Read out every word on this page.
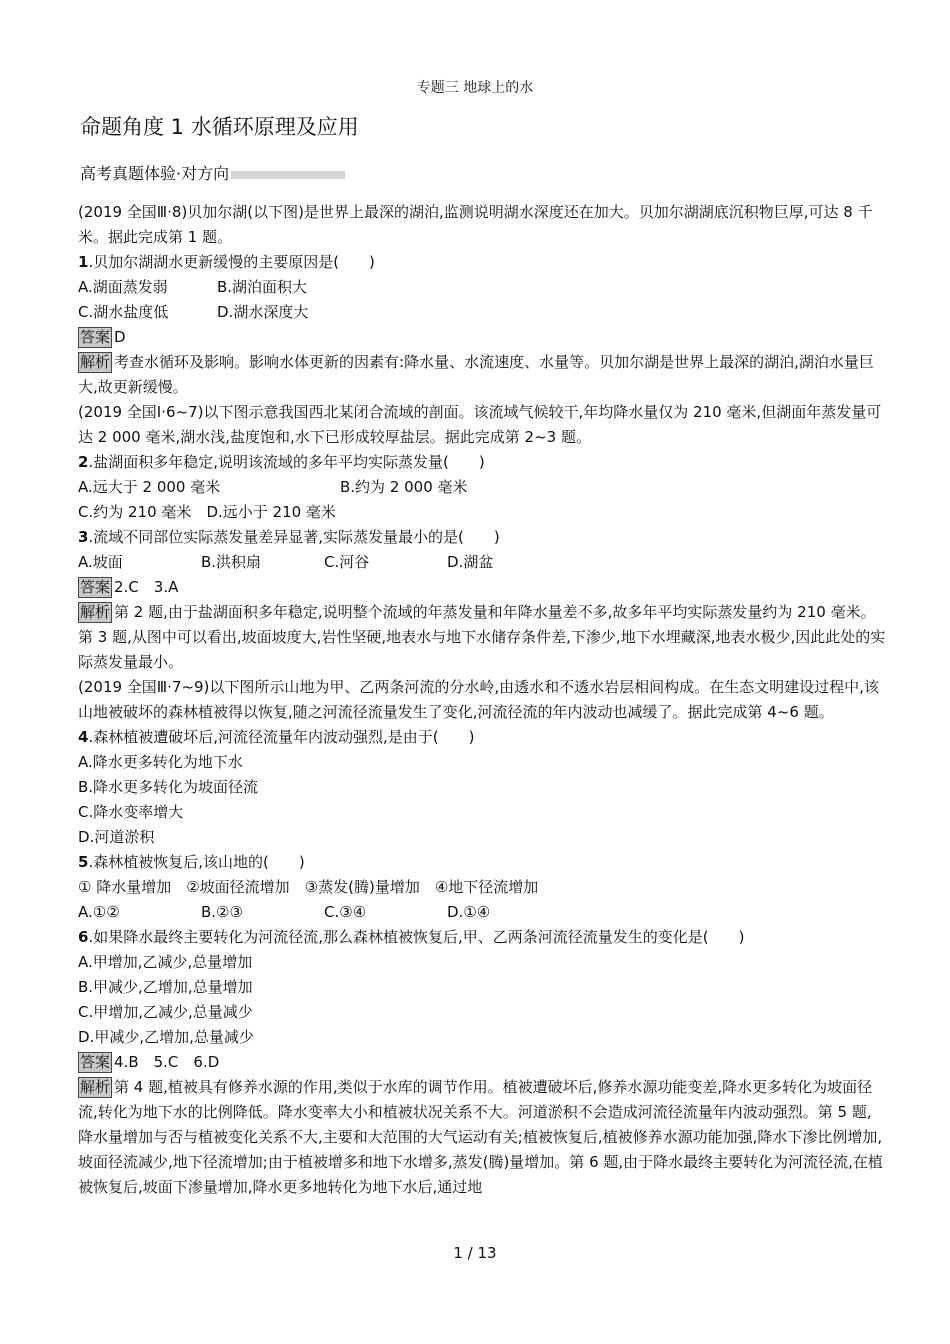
专题三 地球上的水
命题角度 1 水循环原理及应用
高考真题体验·对方向

(2019 全国Ⅲ·8)贝加尔湖(以下图)是世界上最深的湖泊,监测说明湖水深度还在加大。贝加尔湖湖底沉积物巨厚,可达 8 千米。据此完成第 1 题。

1.贝加尔湖湖水更新缓慢的主要原因是(　　)

A.湖面蒸发弱	B.湖泊面积大
C.湖水盐度低	D.湖水深度大

答案 D

解析 考查水循环及影响。影响水体更新的因素有:降水量、水流速度、水量等。贝加尔湖是世界上最深的湖泊,湖泊水量巨大,故更新缓慢。

(2019 全国Ⅰ·6~7)以下图示意我国西北某闭合流域的剖面。该流域气候较干,年均降水量仅为 210 毫米,但湖面年蒸发量可达 2 000 毫米,湖水浅,盐度饱和,水下已形成较厚盐层。据此完成第 2~3 题。

2.盐湖面积多年稳定,说明该流域的多年平均实际蒸发量(　　)

A.远大于 2 000 毫米	B.约为 2 000 毫米

C.约为 210 毫米　 D.远小于 210 毫米

3.流域不同部位实际蒸发量差异显著,实际蒸发量最小的是(　　)

A.坡面	B.洪积扇	C.河谷	D.湖盆

答案 2.C　3.A

解析 第 2 题,由于盐湖面积多年稳定,说明整个流域的年蒸发量和年降水量差不多,故多年平均实际蒸发量约为 210 毫米。第 3 题,从图中可以看出,坡面坡度大,岩性坚硬,地表水与地下水储存条件差,下渗少,地下水埋藏深,地表水极少,因此此处的实际蒸发量最小。

(2019 全国Ⅲ·7~9)以下图所示山地为甲、乙两条河流的分水岭,由透水和不透水岩层相间构成。在生态文明建设过程中,该山地被破坏的森林植被得以恢复,随之河流径流量发生了变化,河流径流的年内波动也减缓了。据此完成第 4~6 题。

4.森林植被遭破坏后,河流径流量年内波动强烈,是由于(　　)

A.降水更多转化为地下水

B.降水更多转化为坡面径流

C.降水变率增大

D.河道淤积

5.森林植被恢复后,该山地的(　　)

① 降水量增加　②坡面径流增加　③蒸发(腾)量增加　④地下径流增加

A.①②	B.②③	C.③④	D.①④

6.如果降水最终主要转化为河流径流,那么森林植被恢复后,甲、乙两条河流径流量发生的变化是(　　)

A.甲增加,乙减少,总量增加

B.甲减少,乙增加,总量增加

C.甲增加,乙减少,总量减少

D.甲减少,乙增加,总量减少

答案 4.B　5.C　6.D

解析 第 4 题,植被具有修养水源的作用,类似于水库的调节作用。植被遭破坏后,修养水源功能变差,降水更多转化为坡面径流,转化为地下水的比例降低。降水变率大小和植被状况关系不大。河道淤积不会造成河流径流量年内波动强烈。第 5 题,降水量增加与否与植被变化关系不大,主要和大范围的大气运动有关;植被恢复后,植被修养水源功能加强,降水下渗比例增加,坡面径流减少,地下径流增加;由于植被增多和地下水增多,蒸发(腾)量增加。第 6 题,由于降水最终主要转化为河流径流,在植被恢复后,坡面下渗量增加,降水更多地转化为地下水后,通过地

1 / 13
